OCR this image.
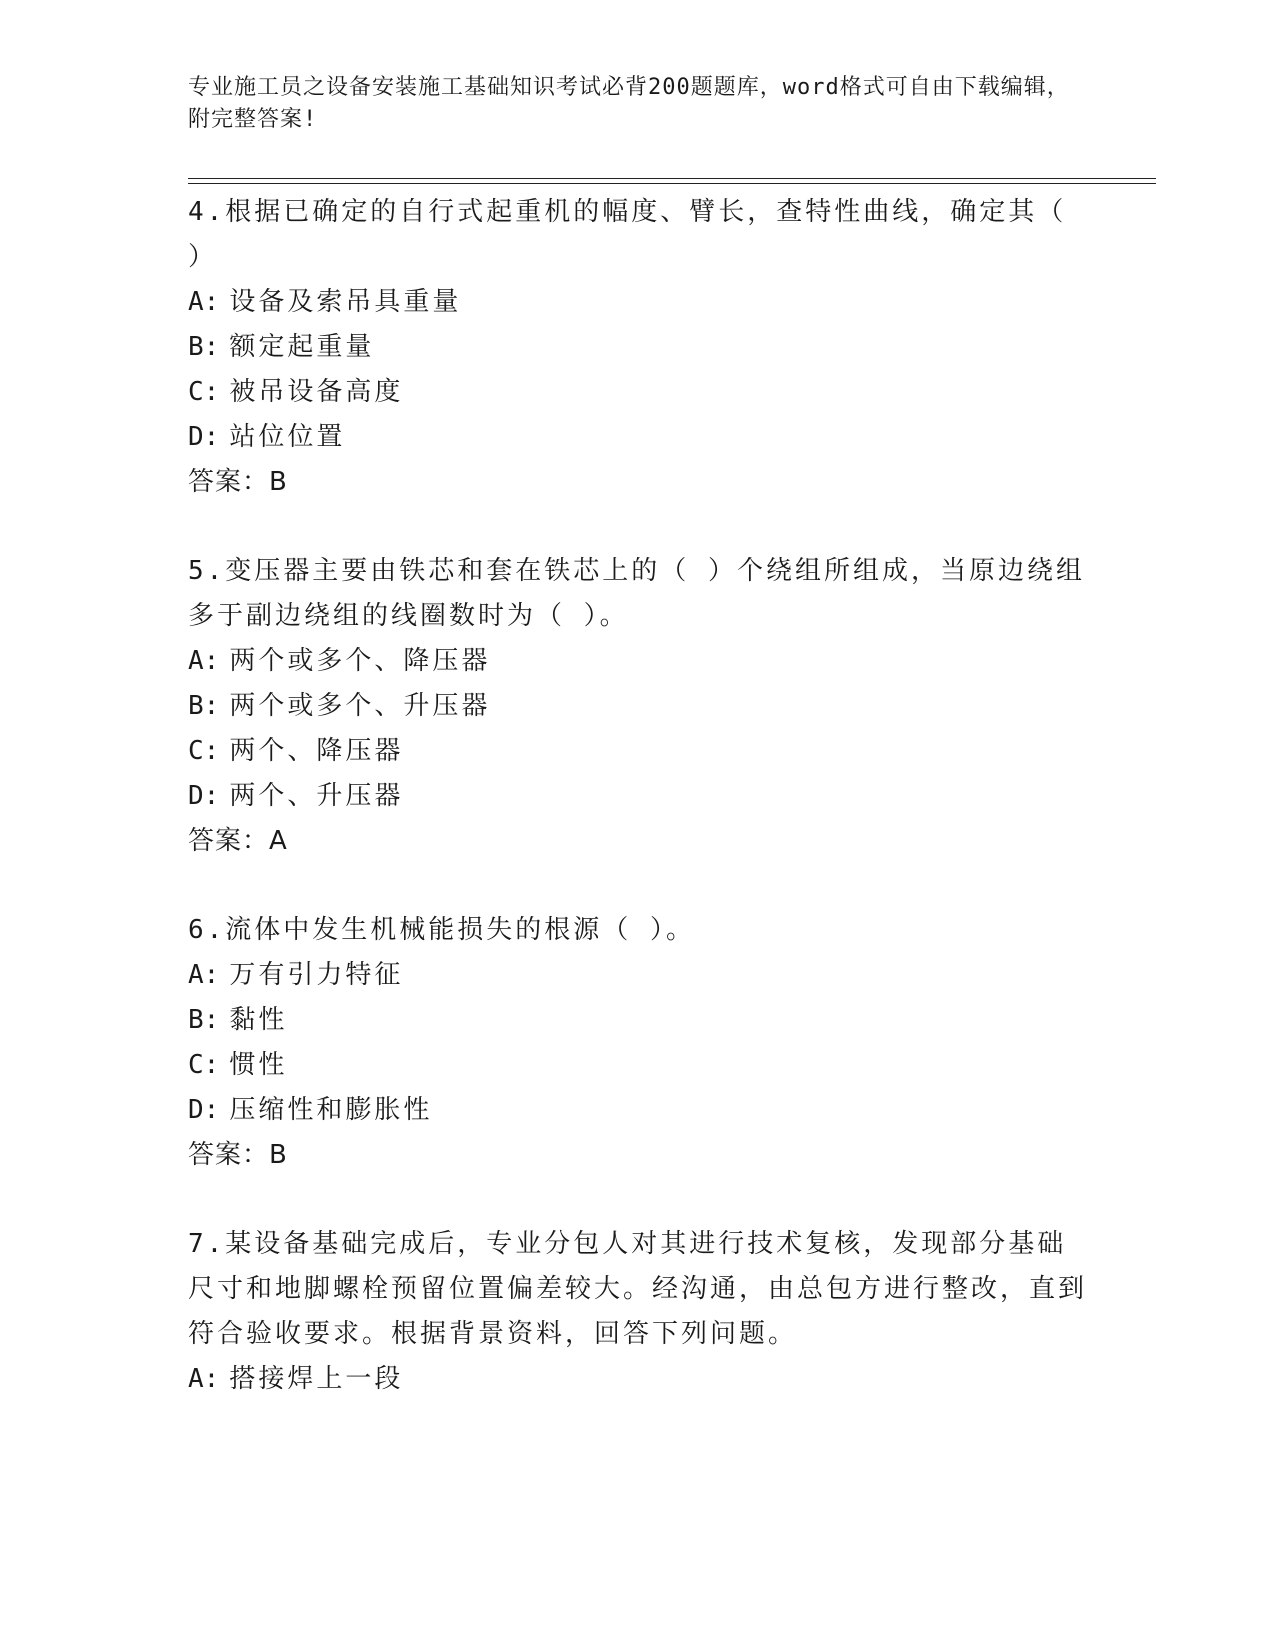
专业施工员之设备安装施工基础知识考试必背200题题库，word格式可自由下载编辑，附完整答案!

4.根据已确定的自行式起重机的幅度、臂长，查特性曲线，确定其（ ）

A: 设备及索吊具重量

B: 额定起重量

C: 被吊设备高度

D: 站位位置

答案：B

5.变压器主要由铁芯和套在铁芯上的（ ）个绕组所组成，当原边绕组多于副边绕组的线圈数时为（ ）。

A: 两个或多个、降压器

B: 两个或多个、升压器

C: 两个、降压器

D: 两个、升压器

答案：A

6.流体中发生机械能损失的根源（ ）。

A: 万有引力特征

B: 黏性

C: 惯性

D: 压缩性和膨胀性

答案：B

7.某设备基础完成后，专业分包人对其进行技术复核，发现部分基础尺寸和地脚螺栓预留位置偏差较大。经沟通，由总包方进行整改，直到符合验收要求。根据背景资料，回答下列问题。

A: 搭接焊上一段
